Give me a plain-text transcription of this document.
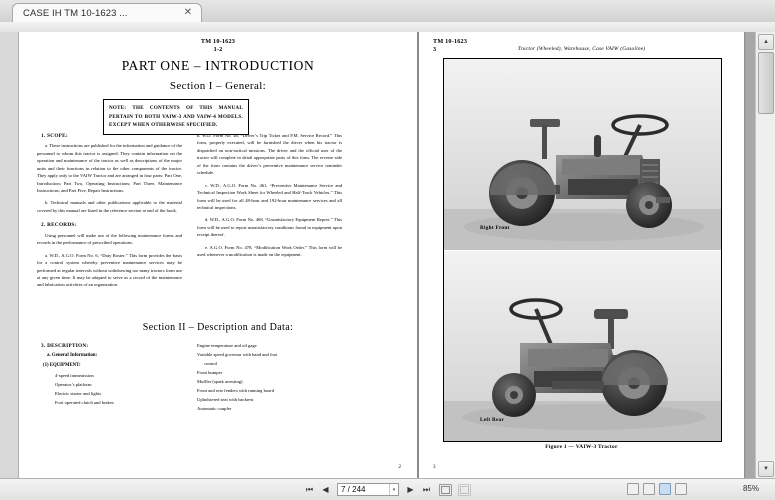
CASE IH TM 10-1623 ...	✕
TM 10-1623
1-2
PART ONE – INTRODUCTION
Section I – General:
NOTE: THE CONTENTS OF THIS MANUAL PERTAIN TO BOTH VAIW-3 AND VAIW-4 MODELS. EXCEPT WHEN OTHERWISE SPECIFIED.
1. SCOPE:

a. These instructions are published for the information and guidance of the personnel to whom this tractor is assigned. They contain information on the operation and maintenance of the tractor as well as descriptions of the major units and their functions in relation to the other components of the tractor. They apply only to the VAIW Tractor and are arranged in four parts: Part One, Introduction; Part Two, Operating Instructions; Part Three, Maintenance Instructions; and Part Five, Repair Instructions.

b. Technical manuals and other publications applicable to the material covered by this manual are listed in the reference section at end of the book.

2. RECORDS:

Using personnel will make use of the following maintenance forms and records in the performance of prescribed operations.

a. W.D., A.G.O. Form No. 6, “Duty Roster.” This form provides the basis for a control system whereby preventive maintenance services may be performed at regular intervals without withdrawing too many tractors from use at any given time. It may be adapted to serve as a record of the maintenance and lubrication activities of an organization.

b. W.D. Form No. 48, “Driver’s Trip Ticket and P.M. Service Record.” This form, properly executed, will be furnished the driver when his tractor is dispatched on non-tactical missions. The driver and the official user of the tractor will complete in detail appropriate parts of this form. The reverse side of the form contains the driver’s preventive maintenance service reminder schedule.

c. W.D., A.G.O. Form No. 461, “Preventive Maintenance Service and Technical Inspection Work Sheet for Wheeled and Half-Track Vehicles.” This form will be used for all 48-hour and 192-hour maintenance services and all technical inspections.

d. W.D., A.G.O. Form No. 468, “Unsatisfactory Equipment Report.” This form will be used to report unsatisfactory conditions found in equipment upon receipt thereof.

e. A.G.O. Form No. 478, “Modification Work Order.” This form will be used whenever a modification is made on the equipment.

Section II – Description and Data:
3. DESCRIPTION:
a. General Information:
(1) EQUIPMENT:
4-speed transmission
Operator’s platform
Electric starter and lights
Foot operated clutch and brakes
Engine temperature and oil gage
Variable speed governor with hand and foot
control
Front bumper
Muffler (spark arresting)
Front and rear fenders with running board
Upholstered seat with backrest
Automatic coupler
2
TM 10-1623
3	Tractor (Wheeled), Warehouse, Case VAIW (Gasoline)
Right Front
Left Rear
Figure 1 — VAIW-3 Tractor
3
▲
▼
⏮	◀
7 / 244	▾	▶	⏭	85%
